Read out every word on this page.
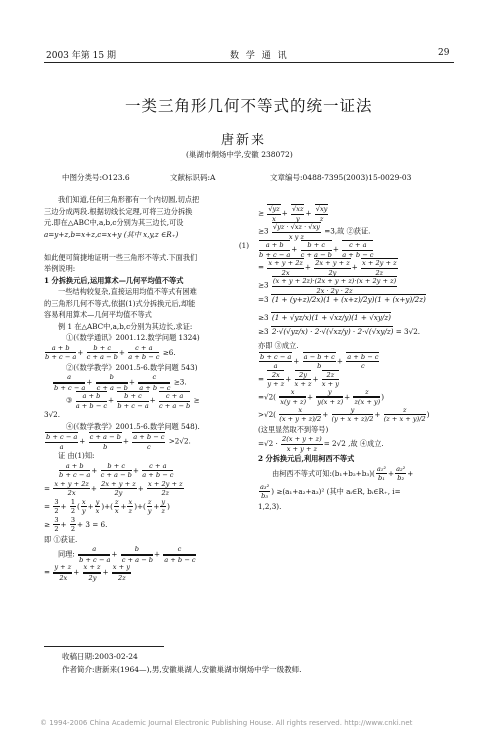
2003 年第 15 期	数 学 通 讯	29
一类三角形几何不等式的统一证法
唐新来
(巢湖市烔炀中学,安徽 238072)
中图分类号:O123.6	文献标识码:A	文章编号:0488-7395(2003)15-0029-03

我们知道,任何三角形都有一个内切圆,切点把

三边分成两段.根据切线长定理,可将三边分拆换

元.即在△ABC中,a,b,c分别为其三边长,可设

a=y+z,b=x+z,c=x+y (其中 x,y,z ∈R₊)

(1)

如此便可简捷地证明一些三角形不等式.下面我们

举例说明:

1 分拆换元后,运用算术—几何平均值不等式

一些结构较复杂,直接运用均值不等式有困难

的三角形几何不等式,依据(1)式分拆换元后,却能

容易利用算术—几何平均值不等式

例 1 在△ABC中,a,b,c分别为其边长,求证:

①(《数学通讯》2001.12.数学问题 1324)

$\frac{a + b}{b + c - a} + \frac{b + c}{c + a - b} + \frac{c + a}{a + b - c} \ge 6$.

②(《数学教学》2001.5-6.数学问题 543)

$\frac{a}{b + c - a} + \frac{b}{c + a - b} + \frac{c}{a + b - c} \ge 3$.

③ $\frac{a + b}{a + b - c} + \frac{b + c}{b + c - a} + \frac{c + a}{c + a - b}$ ≥

3√2.

④(《数学教学》2001.5-6.数学问题 548).

$\frac{b + c - a}{a} + \frac{c + a - b}{b} + \frac{a + b - c}{c} >2√2$.

证 由(1)知:

$\frac{a + b}{b + c - a} + \frac{b + c}{c + a - b} + \frac{c + a}{a + b - c}$

= $\frac{x + y + 2z}{2x} + \frac{2x + y + z}{2y} + \frac{x + 2y + z}{2z}$

= $\frac{3}{2} + \frac{1}{2}$ ( $\frac{x}{y} + \frac{y}{x}$ )+( $\frac{z}{x} + \frac{x}{z}$ )+( $\frac{z}{y} + \frac{y}{z}$ )

≥ $\frac{3}{2} + \frac{3}{2} + 3 = 6$.

即 ①获证.

同理: $\frac{a}{b + c - a} + \frac{b}{c + a - b} + \frac{c}{a + b - c}$

= $\frac{y + z}{2x} + \frac{x + z}{2y} + \frac{x + y}{2z}$

≥ $\frac{√yz}{x} + \frac{√xz}{y} + \frac{√xy}{z}$

$\ge 3 \frac{√yz \cdot √xz \cdot √xy}{\text{x y z}} =3$,故 ②获证.

$\frac{a + b}{b + c - a} + \frac{b + c}{c + a - b} + \frac{c + a}{a + b - c}$

= $\frac{x + y + 2z}{2x} + \frac{2x + y + z}{2y} + \frac{x + 2y + z}{2z}$

$\ge 3 \frac{(x + y + 2z)\cdot(2x + y + z)\cdot(x + 2y + z)}{2x \cdot 2y \cdot 2z}$

=3 (1 + (y+z)/2x)(1 + (x+z)/2y)(1 + (x+y)/2z)

≥3 (1 + √yz/x)(1 + √xz/y)(1 + √xy/z)

≥3 2·√(√yz/x) · 2·√(√xz/y) · 2·√(√xy/z) = 3√2.

亦即 ③成立.

$\frac{b + c - a}{a} + \frac{a - b + c}{b} + \frac{a + b - c}{c}$

= $\frac{2x}{y + z} + \frac{2y}{x + z} + \frac{2z}{x + y}$

$=√2( \frac{x}{x(y + z)} + \frac{y}{y(x + z)} + \frac{z}{z(x + y)}$ )

$>√2( \frac{x}{(x + y + z)/2} + \frac{y}{(y + x + z)/2} + \frac{z}{(z + x + y)/2}$ )

(这里显然取不到等号)

$=√2 \cdot \frac{2(x + y + z)}{x + y + z} = 2√2$ ,故 ④成立.

2 分拆换元后,利用柯西不等式

由柯西不等式可知:(b₁+b₂+b₃)( $\frac{\text{a₁²}}{\text{b₁}} + \frac{\text{a₂²}}{\text{b₂}}$ +

$\frac{\text{a₃²}}{\text{b₃}}$ ) ≥(a₁+a₂+a₃)² (其中 aᵢ∈R, bᵢ∈R₊, i=

1,2,3).

收稿日期:2003-02-24
作者简介:唐新来(1964—),男,安徽巢湖人,安徽巢湖市烔炀中学一级教师.
© 1994-2006 China Academic Journal Electronic Publishing House. All rights reserved. http://www.cnki.net
